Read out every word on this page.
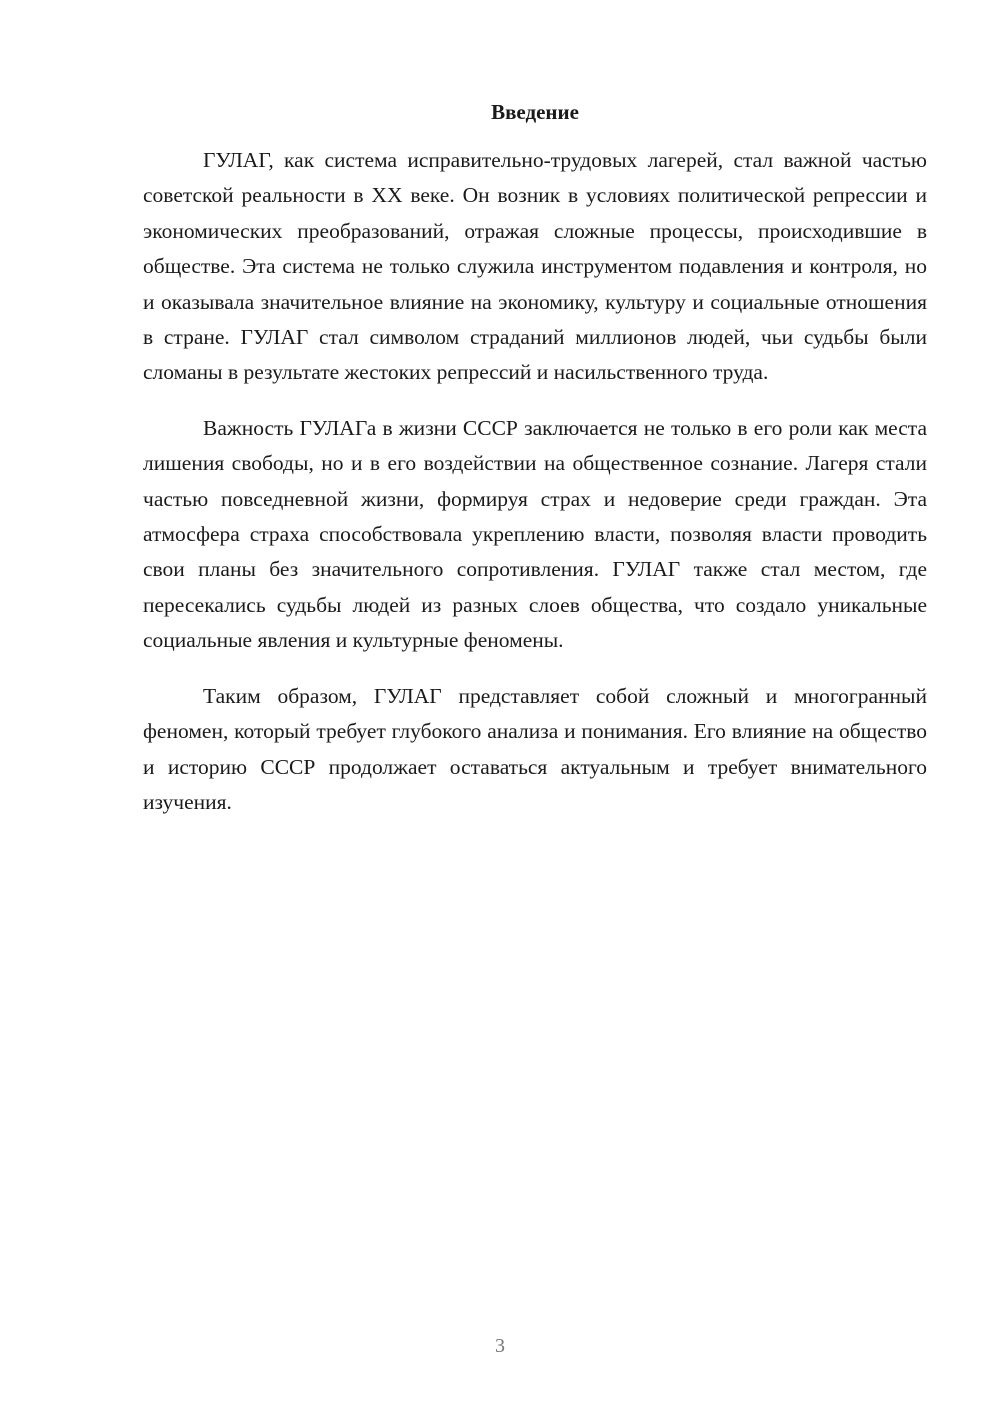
Введение

ГУЛАГ, как система исправительно-трудовых лагерей, стал важной частью советской реальности в XX веке. Он возник в условиях политической репрессии и экономических преобразований, отражая сложные процессы, происходившие в обществе. Эта система не только служила инструментом подавления и контроля, но и оказывала значительное влияние на экономику, культуру и социальные отношения в стране. ГУЛАГ стал символом страданий миллионов людей, чьи судьбы были сломаны в результате жестоких репрессий и насильственного труда.

Важность ГУЛАГа в жизни СССР заключается не только в его роли как места лишения свободы, но и в его воздействии на общественное сознание. Лагеря стали частью повседневной жизни, формируя страх и недоверие среди граждан. Эта атмосфера страха способствовала укреплению власти, позволяя власти проводить свои планы без значительного сопротивления. ГУЛАГ также стал местом, где пересекались судьбы людей из разных слоев общества, что создало уникальные социальные явления и культурные феномены.

Таким образом, ГУЛАГ представляет собой сложный и многогранный феномен, который требует глубокого анализа и понимания. Его влияние на общество и историю СССР продолжает оставаться актуальным и требует внимательного изучения.

3
